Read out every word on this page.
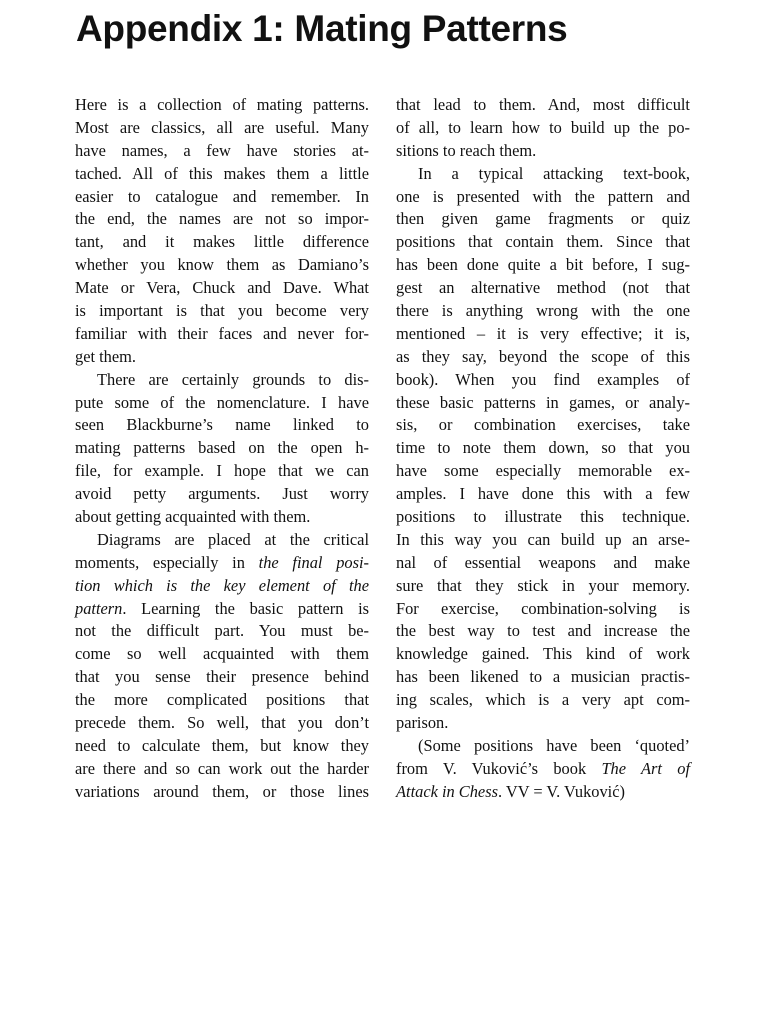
Appendix 1: Mating Patterns
Here is a collection of mating patterns.
Most are classics, all are useful. Many
have names, a few have stories at-
tached. All of this makes them a little
easier to catalogue and remember. In
the end, the names are not so impor-
tant, and it makes little difference
whether you know them as Damiano’s
Mate or Vera, Chuck and Dave. What
is important is that you become very
familiar with their faces and never for-
get them.
There are certainly grounds to dis-
pute some of the nomenclature. I have
seen Blackburne’s name linked to
mating patterns based on the open h-
file, for example. I hope that we can
avoid petty arguments. Just worry
about getting acquainted with them.
Diagrams are placed at the critical
moments, especially in the final posi-
tion which is the key element of the
pattern. Learning the basic pattern is
not the difficult part. You must be-
come so well acquainted with them
that you sense their presence behind
the more complicated positions that
precede them. So well, that you don’t
need to calculate them, but know they
are there and so can work out the harder
variations around them, or those lines
that lead to them. And, most difficult
of all, to learn how to build up the po-
sitions to reach them.
In a typical attacking text-book,
one is presented with the pattern and
then given game fragments or quiz
positions that contain them. Since that
has been done quite a bit before, I sug-
gest an alternative method (not that
there is anything wrong with the one
mentioned – it is very effective; it is,
as they say, beyond the scope of this
book). When you find examples of
these basic patterns in games, or analy-
sis, or combination exercises, take
time to note them down, so that you
have some especially memorable ex-
amples. I have done this with a few
positions to illustrate this technique.
In this way you can build up an arse-
nal of essential weapons and make
sure that they stick in your memory.
For exercise, combination-solving is
the best way to test and increase the
knowledge gained. This kind of work
has been likened to a musician practis-
ing scales, which is a very apt com-
parison.
(Some positions have been ‘quoted’
from V. Vuković’s book The Art of
Attack in Chess. VV = V. Vuković)
